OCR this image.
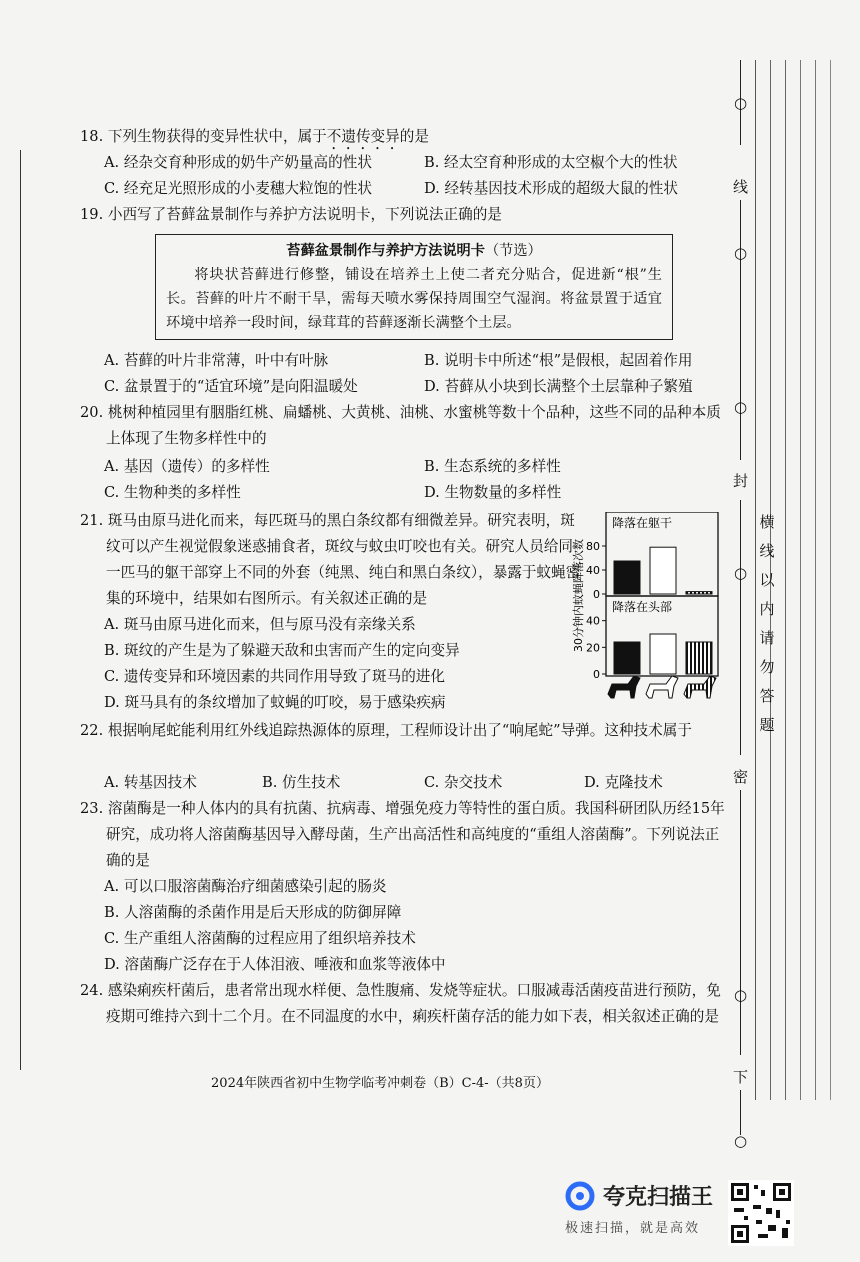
18. 下列生物获得的变异性状中，属于不遗传变异的是
A. 经杂交育种形成的奶牛产奶量高的性状	B. 经太空育种形成的太空椒个大的性状
C. 经充足光照形成的小麦穗大粒饱的性状	D. 经转基因技术形成的超级大鼠的性状
19. 小西写了苔藓盆景制作与养护方法说明卡，下列说法正确的是
苔藓盆景制作与养护方法说明卡（节选）

将块状苔藓进行修整，铺设在培养土上使二者充分贴合，促进新“根”生长。苔藓的叶片不耐干旱，需每天喷水雾保持周围空气湿润。将盆景置于适宜环境中培养一段时间，绿茸茸的苔藓逐渐长满整个土层。

A. 苔藓的叶片非常薄，叶中有叶脉	B. 说明卡中所述“根”是假根，起固着作用
C. 盆景置于的“适宜环境”是向阳温暖处	D. 苔藓从小块到长满整个土层靠种子繁殖
20. 桃树种植园里有胭脂红桃、扁蟠桃、大黄桃、油桃、水蜜桃等数十个品种，这些不同的品种本质上体现了生物多样性中的
A. 基因（遗传）的多样性	B. 生态系统的多样性
C. 生物种类的多样性	D. 生物数量的多样性
21. 斑马由原马进化而来，每匹斑马的黑白条纹都有细微差异。研究表明，斑纹可以产生视觉假象迷惑捕食者，斑纹与蚊虫叮咬也有关。研究人员给同一匹马的躯干部穿上不同的外套（纯黑、纯白和黑白条纹），暴露于蚊蝇密集的环境中，结果如右图所示。有关叙述正确的是
A. 斑马由原马进化而来，但与原马没有亲缘关系
B. 斑纹的产生是为了躲避天敌和虫害而产生的定向变异
C. 遗传变异和环境因素的共同作用导致了斑马的进化
D. 斑马具有的条纹增加了蚊蝇的叮咬，易于感染疾病
30分钟内蚊蝇降落次数
降落在躯干
0
40
80
降落在头部
0
20
40
22. 根据响尾蛇能利用红外线追踪热源体的原理，工程师设计出了“响尾蛇”导弹。这种技术属于
A. 转基因技术	B. 仿生技术	C. 杂交技术	D. 克隆技术
23. 溶菌酶是一种人体内的具有抗菌、抗病毒、增强免疫力等特性的蛋白质。我国科研团队历经15年研究，成功将人溶菌酶基因导入酵母菌，生产出高活性和高纯度的“重组人溶菌酶”。下列说法正确的是
A. 可以口服溶菌酶治疗细菌感染引起的肠炎
B. 人溶菌酶的杀菌作用是后天形成的防御屏障
C. 生产重组人溶菌酶的过程应用了组织培养技术
D. 溶菌酶广泛存在于人体泪液、唾液和血浆等液体中
24. 感染痢疾杆菌后，患者常出现水样便、急性腹痛、发烧等症状。口服减毒活菌疫苗进行预防，免疫期可维持六到十二个月。在不同温度的水中，痢疾杆菌存活的能力如下表，相关叙述正确的是
2024年陕西省初中生物学临考冲刺卷（B）C-4-（共8页）
○
线
○
○
封
○
密
○
下
○
横
线
以
内
请
勿
答
题
夸克扫描王
极速扫描，就是高效
